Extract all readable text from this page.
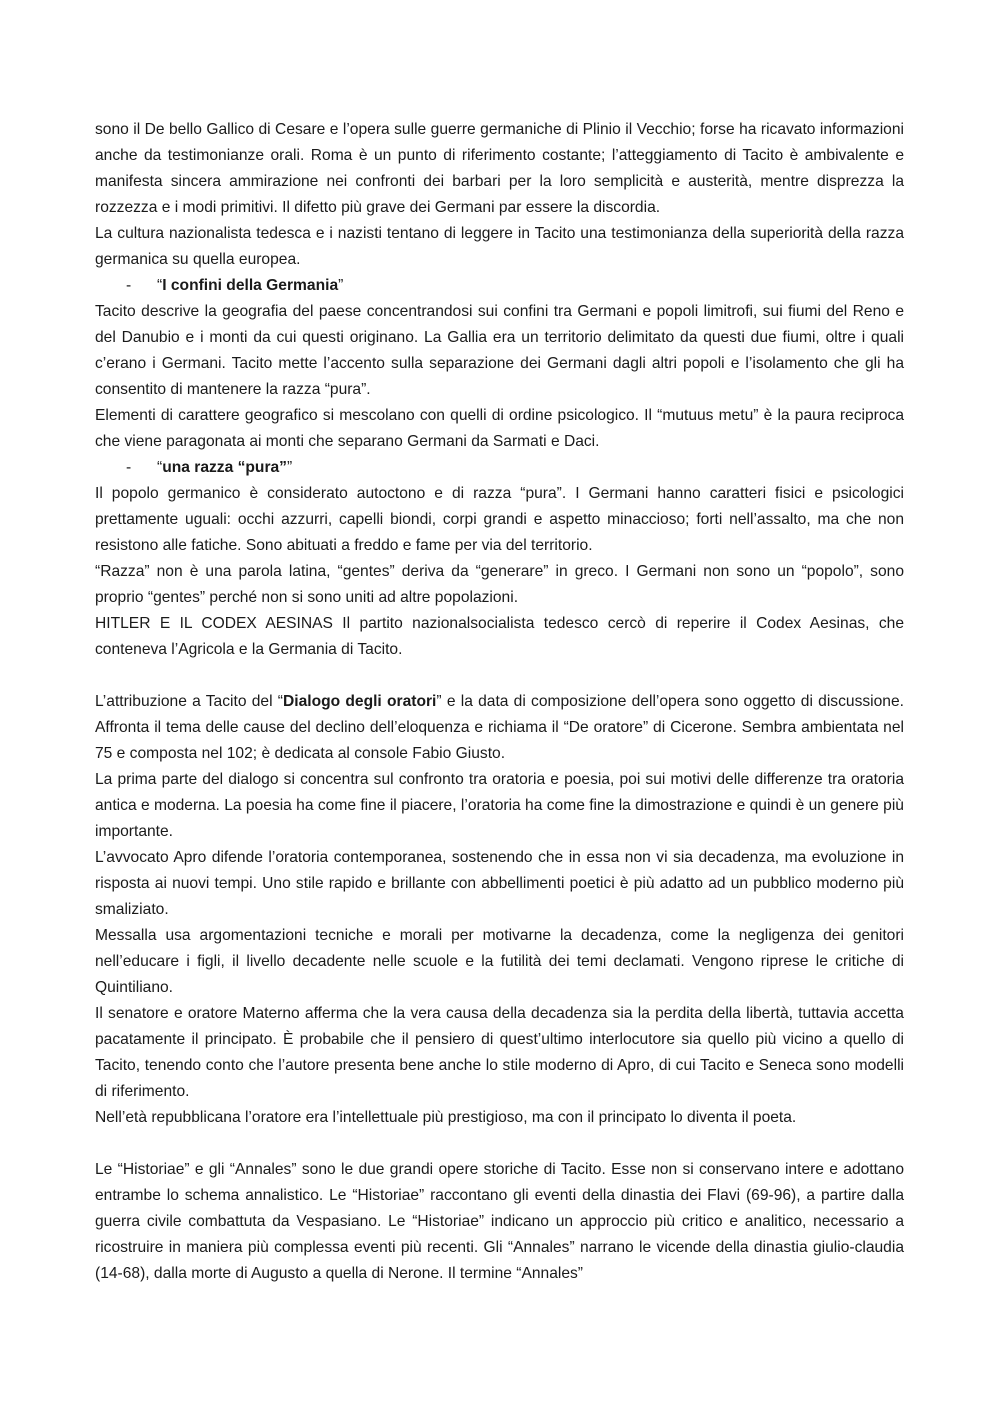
sono il De bello Gallico di Cesare e l’opera sulle guerre germaniche di Plinio il Vecchio; forse ha ricavato informazioni anche da testimonianze orali. Roma è un punto di riferimento costante; l’atteggiamento di Tacito è ambivalente e manifesta sincera ammirazione nei confronti dei barbari per la loro semplicità e austerità, mentre disprezza la rozzezza e i modi primitivi. Il difetto più grave dei Germani par essere la discordia.

La cultura nazionalista tedesca e i nazisti tentano di leggere in Tacito una testimonianza della superiorità della razza germanica su quella europea.

-	“I confini della Germania”

Tacito descrive la geografia del paese concentrandosi sui confini tra Germani e popoli limitrofi, sui fiumi del Reno e del Danubio e i monti da cui questi originano. La Gallia era un territorio delimitato da questi due fiumi, oltre i quali c’erano i Germani. Tacito mette l’accento sulla separazione dei Germani dagli altri popoli e l’isolamento che gli ha consentito di mantenere la razza “pura”.

Elementi di carattere geografico si mescolano con quelli di ordine psicologico. Il “mutuus metu” è la paura reciproca che viene paragonata ai monti che separano Germani da Sarmati e Daci.

-	“una razza “pura””

Il popolo germanico è considerato autoctono e di razza “pura”. I Germani hanno caratteri fisici e psicologici prettamente uguali: occhi azzurri, capelli biondi, corpi grandi e aspetto minaccioso; forti nell’assalto, ma che non resistono alle fatiche. Sono abituati a freddo e fame per via del territorio.

“Razza” non è una parola latina, “gentes” deriva da “generare” in greco. I Germani non sono un “popolo”, sono proprio “gentes” perché non si sono uniti ad altre popolazioni.

HITLER E IL CODEX AESINAS Il partito nazionalsocialista tedesco cercò di reperire il Codex Aesinas, che conteneva l’Agricola e la Germania di Tacito.

L’attribuzione a Tacito del “Dialogo degli oratori” e la data di composizione dell’opera sono oggetto di discussione. Affronta il tema delle cause del declino dell’eloquenza e richiama il “De oratore” di Cicerone. Sembra ambientata nel 75 e composta nel 102; è dedicata al console Fabio Giusto.

La prima parte del dialogo si concentra sul confronto tra oratoria e poesia, poi sui motivi delle differenze tra oratoria antica e moderna. La poesia ha come fine il piacere, l’oratoria ha come fine la dimostrazione e quindi è un genere più importante.

L’avvocato Apro difende l’oratoria contemporanea, sostenendo che in essa non vi sia decadenza, ma evoluzione in risposta ai nuovi tempi. Uno stile rapido e brillante con abbellimenti poetici è più adatto ad un pubblico moderno più smaliziato.

Messalla usa argomentazioni tecniche e morali per motivarne la decadenza, come la negligenza dei genitori nell’educare i figli, il livello decadente nelle scuole e la futilità dei temi declamati. Vengono riprese le critiche di Quintiliano.

Il senatore e oratore Materno afferma che la vera causa della decadenza sia la perdita della libertà, tuttavia accetta pacatamente il principato. È probabile che il pensiero di quest’ultimo interlocutore sia quello più vicino a quello di Tacito, tenendo conto che l’autore presenta bene anche lo stile moderno di Apro, di cui Tacito e Seneca sono modelli di riferimento.

Nell’età repubblicana l’oratore era l’intellettuale più prestigioso, ma con il principato lo diventa il poeta.

Le “Historiae” e gli “Annales” sono le due grandi opere storiche di Tacito. Esse non si conservano intere e adottano entrambe lo schema annalistico. Le “Historiae” raccontano gli eventi della dinastia dei Flavi (69-96), a partire dalla guerra civile combattuta da Vespasiano. Le “Historiae” indicano un approccio più critico e analitico, necessario a ricostruire in maniera più complessa eventi più recenti. Gli “Annales” narrano le vicende della dinastia giulio-claudia (14-68), dalla morte di Augusto a quella di Nerone. Il termine “Annales”
